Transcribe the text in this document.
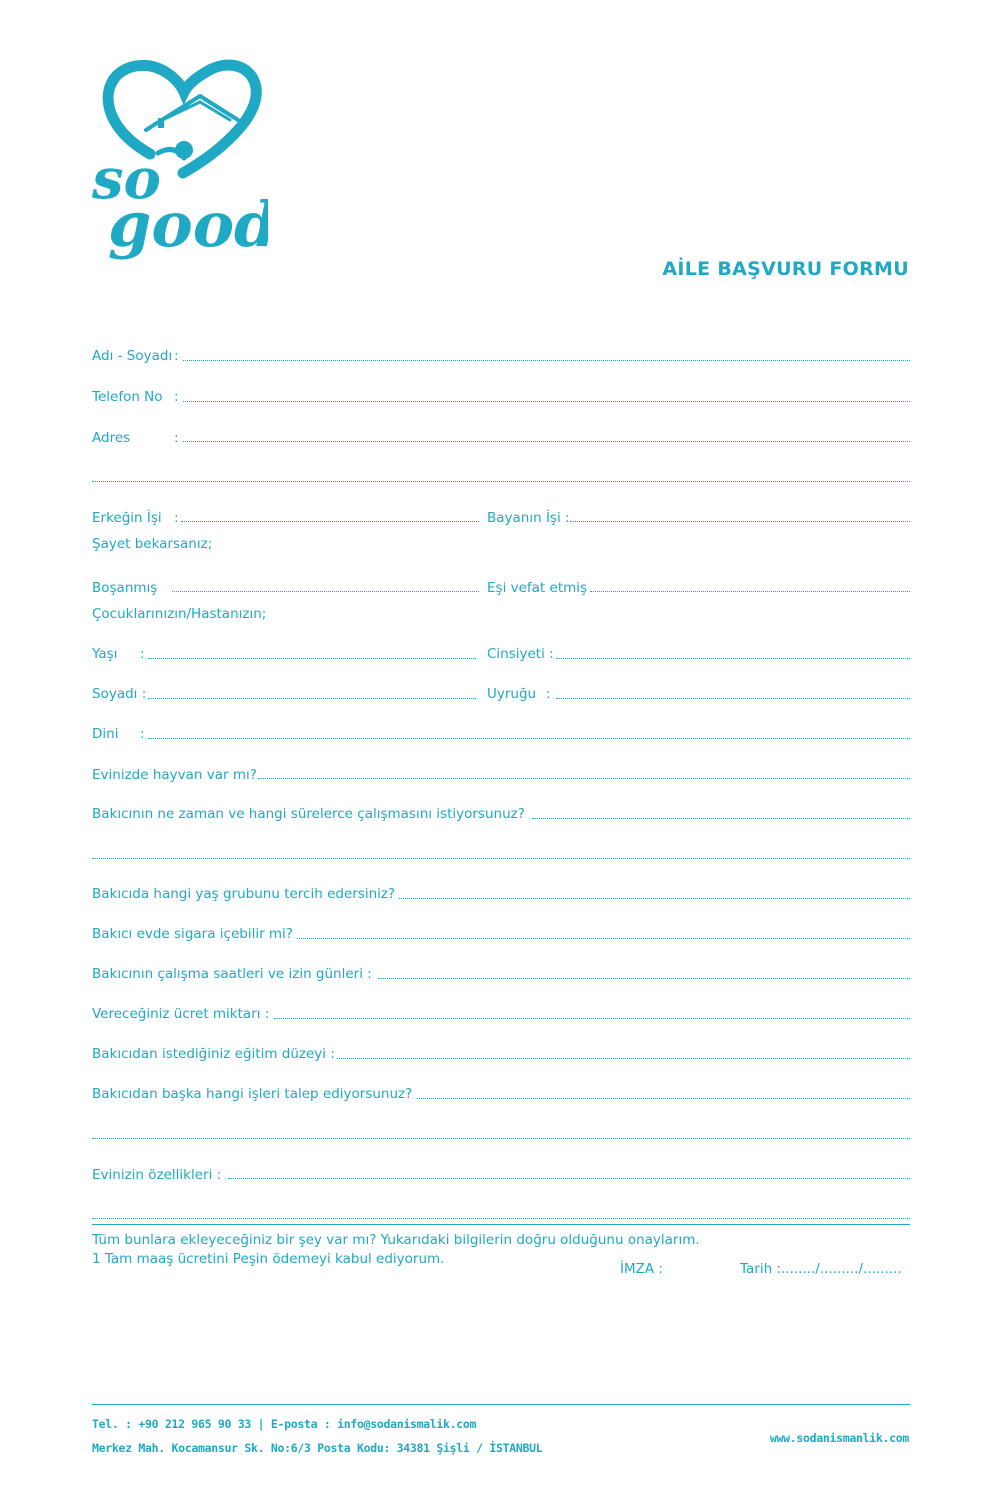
so
good
AİLE BAŞVURU FORMU
Adı - Soyadı :
Telefon No :
Adres	:
Erkeğin İşi :	Bayanın İşi :
Şayet bekarsanız;
Boşanmış	Eşi vefat etmiş
Çocuklarınızın/Hastanızın;
Yaşı :	Cinsiyeti :
Soyadı :	Uyruğu :
Dini :
Evinizde hayvan var mı?
Bakıcının ne zaman ve hangi sürelerce çalışmasını istiyorsunuz?
Bakıcıda hangi yaş grubunu tercih edersiniz?
Bakıcı evde sigara içebilir mi?
Bakıcının çalışma saatleri ve izin günleri :
Vereceğiniz ücret miktarı :
Bakıcıdan istediğiniz eğitim düzeyi :
Bakıcıdan başka hangi işleri talep ediyorsunuz?
Evinizin özellikleri :
Tüm bunlara ekleyeceğiniz bir şey var mı? Yukarıdaki bilgilerin doğru olduğunu onaylarım.
1 Tam maaş ücretini Peşin ödemeyi kabul ediyorum.
İMZA :	Tarih :......../........./.........
Tel. : +90 212 965 90 33 | E-posta : info@sodanismalik.com
Merkez Mah. Kocamansur Sk. No:6/3 Posta Kodu: 34381 Şişli / İSTANBUL
www.sodanismanlik.com
